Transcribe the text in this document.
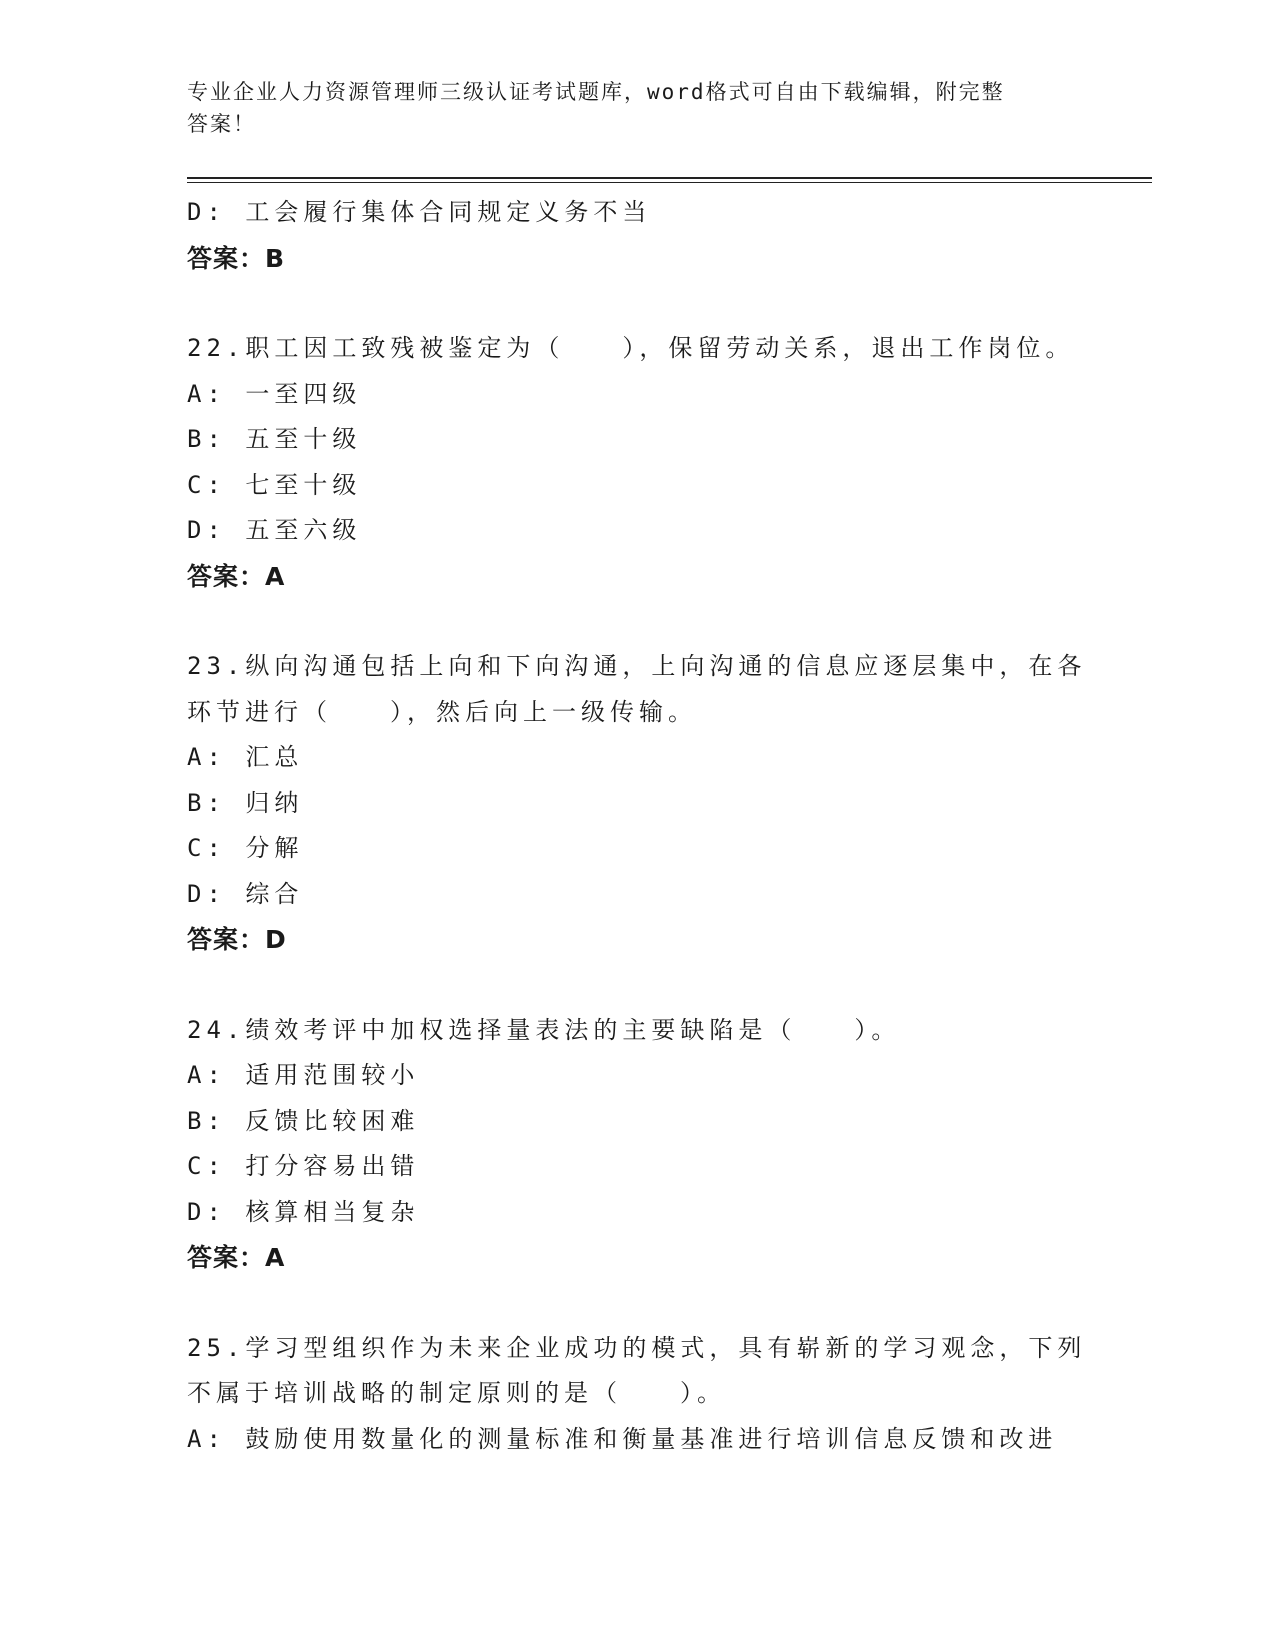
专业企业人力资源管理师三级认证考试题库，word格式可自由下载编辑，附完整
答案！
D: 工会履行集体合同规定义务不当
答案：B
22.职工因工致残被鉴定为（　　），保留劳动关系，退出工作岗位。
A: 一至四级
B: 五至十级
C: 七至十级
D: 五至六级
答案：A
23.纵向沟通包括上向和下向沟通，上向沟通的信息应逐层集中，在各
环节进行（　　），然后向上一级传输。
A: 汇总
B: 归纳
C: 分解
D: 综合
答案：D
24.绩效考评中加权选择量表法的主要缺陷是（　　）。
A: 适用范围较小
B: 反馈比较困难
C: 打分容易出错
D: 核算相当复杂
答案：A
25.学习型组织作为未来企业成功的模式，具有崭新的学习观念，下列
不属于培训战略的制定原则的是（　　）。
A: 鼓励使用数量化的测量标准和衡量基准进行培训信息反馈和改进
